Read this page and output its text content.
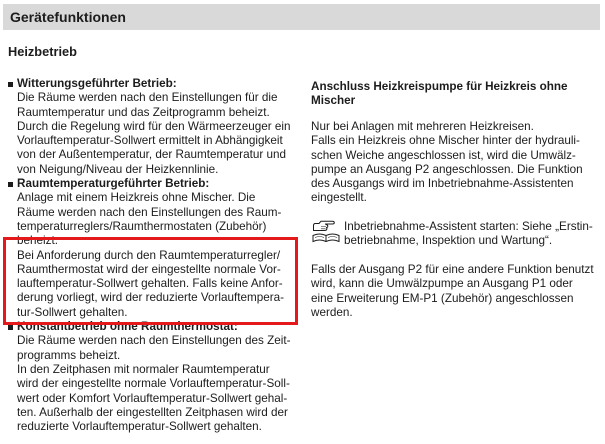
Gerätefunktionen
Heizbetrieb
Witterungsgeführter Betrieb:
Die Räume werden nach den Einstellungen für die
Raumtemperatur und das Zeitprogramm beheizt.
Durch die Regelung wird für den Wärmeerzeuger ein
Vorlauftemperatur-Sollwert ermittelt in Abhängigkeit
von der Außentemperatur, der Raumtemperatur und
von Neigung/Niveau der Heizkennlinie.
Raumtemperaturgeführter Betrieb:
Anlage mit einem Heizkreis ohne Mischer. Die
Räume werden nach den Einstellungen des Raum-
temperaturreglers/Raumthermostaten (Zubehör)
beheizt.
Bei Anforderung durch den Raumtemperaturregler/
Raumthermostat wird der eingestellte normale Vor-
lauftemperatur-Sollwert gehalten. Falls keine Anfor-
derung vorliegt, wird der reduzierte Vorlauftempera-
tur-Sollwert gehalten.
Konstantbetrieb ohne Raumthermostat:
Die Räume werden nach den Einstellungen des Zeit-
programms beheizt.
In den Zeitphasen mit normaler Raumtemperatur
wird der eingestellte normale Vorlauftemperatur-Soll-
wert oder Komfort Vorlauftemperatur-Sollwert gehal-
ten. Außerhalb der eingestellten Zeitphasen wird der
reduzierte Vorlauftemperatur-Sollwert gehalten.
Anschluss Heizkreispumpe für Heizkreis ohne
Mischer
Nur bei Anlagen mit mehreren Heizkreisen.
Falls ein Heizkreis ohne Mischer hinter der hydrauli-
schen Weiche angeschlossen ist, wird die Umwälz-
pumpe an Ausgang P2 angeschlossen. Die Funktion
des Ausgangs wird im Inbetriebnahme-Assistenten
eingestellt.
Inbetriebnahme-Assistent starten: Siehe „Erstin-
betriebnahme, Inspektion und Wartung“.
Falls der Ausgang P2 für eine andere Funktion benutzt
wird, kann die Umwälzpumpe an Ausgang P1 oder
eine Erweiterung EM-P1 (Zubehör) angeschlossen
werden.
